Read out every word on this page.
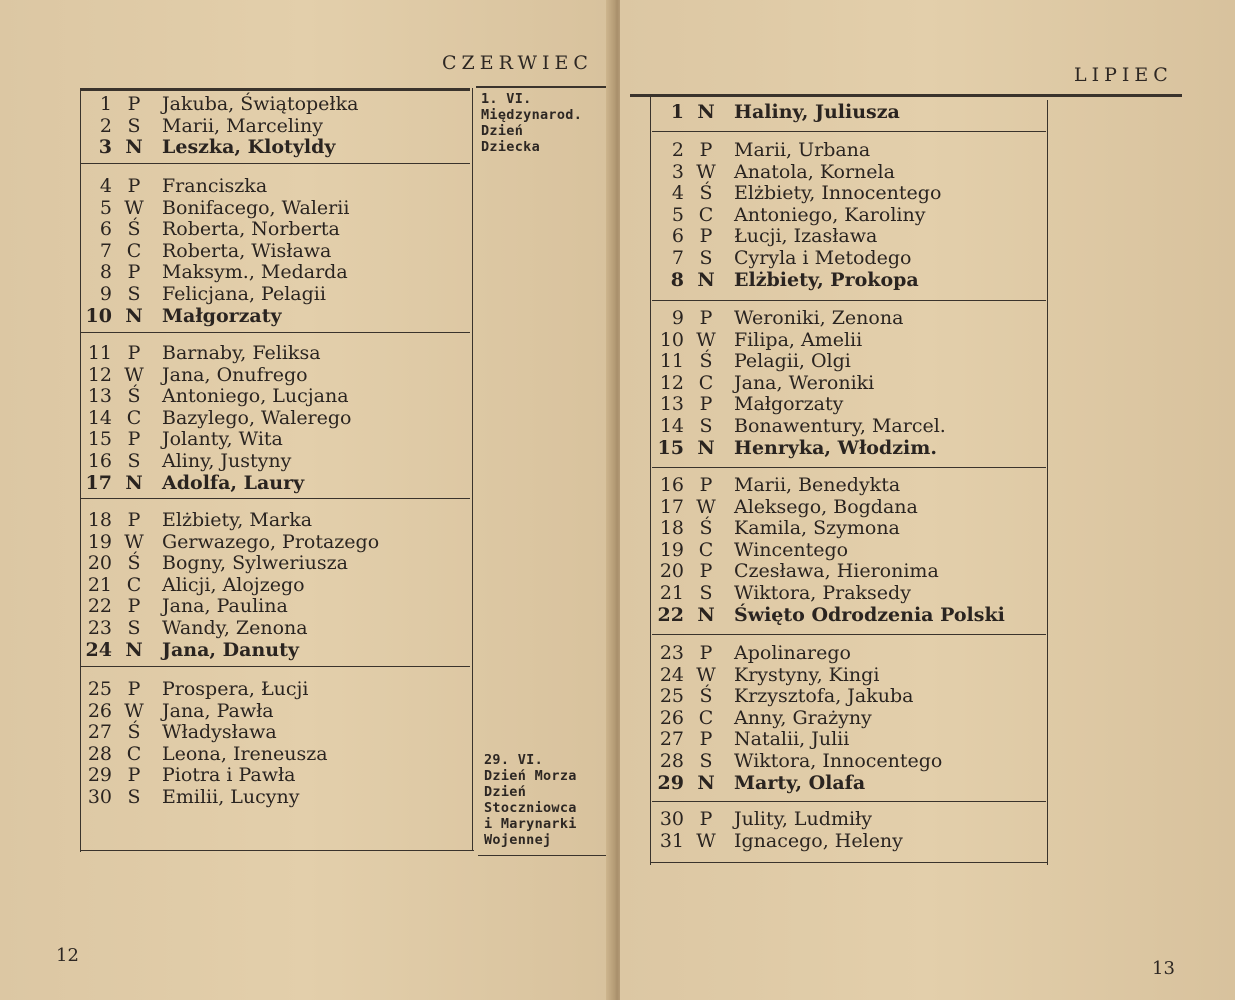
CZERWIEC
1 P	Jakuba, Świątopełka
2 S	Marii, Marceliny
3 N	Leszka, Klotyldy
4 P	Franciszka
5 W Bonifacego, Walerii
6 Ś	Roberta, Norberta
7 C	Roberta, Wisława
8 P	Maksym., Medarda
9 S	Felicjana, Pelagii
10 N	Małgorzaty
11 P	Barnaby, Feliksa
12 W Jana, Onufrego
13 Ś	Antoniego, Lucjana
14 C	Bazylego, Walerego
15 P	Jolanty, Wita
16 S	Aliny, Justyny
17 N	Adolfa, Laury
18 P	Elżbiety, Marka
19 W Gerwazego, Protazego
20 Ś	Bogny, Sylweriusza
21 C	Alicji, Alojzego
22 P	Jana, Paulina
23 S	Wandy, Zenona
24 N	Jana, Danuty
25 P	Prospera, Łucji
26 W Jana, Pawła
27 Ś	Władysława
28 C	Leona, Ireneusza
29 P	Piotra i Pawła
30 S	Emilii, Lucyny
1. VI.
Międzynarod.
Dzień
Dziecka
29. VI.
Dzień Morza
Dzień
Stoczniowca
i Marynarki
Wojennej
12
LIPIEC
1 N	Haliny, Juliusza
2 P	Marii, Urbana
3 W Anatola, Kornela
4 Ś	Elżbiety, Innocentego
5 C	Antoniego, Karoliny
6 P	Łucji, Izasława
7 S	Cyryla i Metodego
8 N	Elżbiety, Prokopa
9 P	Weroniki, Zenona
10 W Filipa, Amelii
11 Ś	Pelagii, Olgi
12 C	Jana, Weroniki
13 P	Małgorzaty
14 S	Bonawentury, Marcel.
15 N	Henryka, Włodzim.
16 P	Marii, Benedykta
17 W Aleksego, Bogdana
18 Ś	Kamila, Szymona
19 C	Wincentego
20 P	Czesława, Hieronima
21 S	Wiktora, Praksedy
22 N	Święto Odrodzenia Polski
23 P	Apolinarego
24 W Krystyny, Kingi
25 Ś	Krzysztofa, Jakuba
26 C	Anny, Grażyny
27 P	Natalii, Julii
28 S	Wiktora, Innocentego
29 N	Marty, Olafa
30 P	Julity, Ludmiły
31 W Ignacego, Heleny
13
